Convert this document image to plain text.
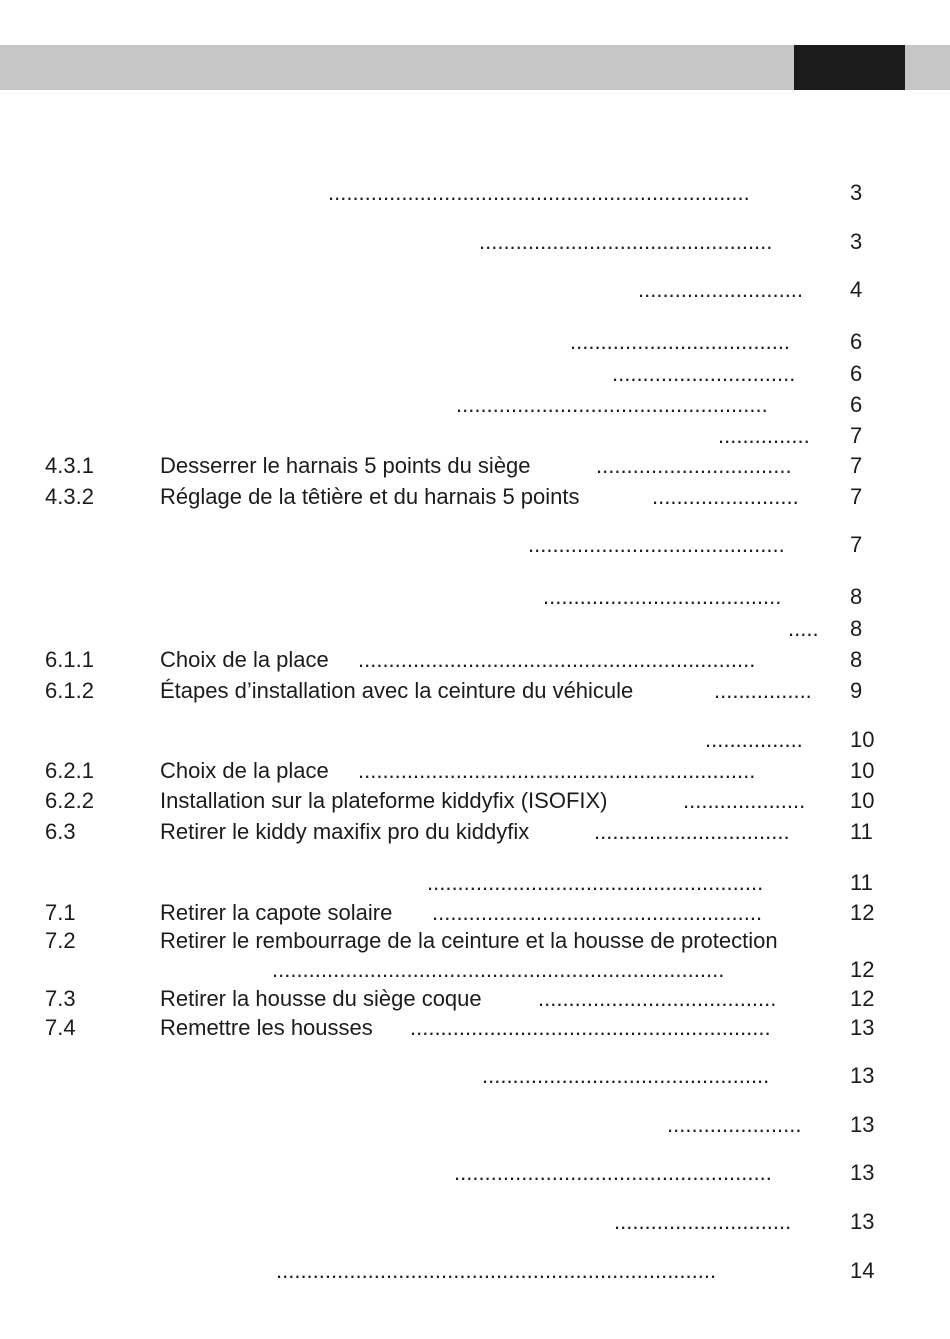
.....................................................................	3
................................................	3
........................... 4
....................................	6
.............................. 6
...................................................	6
............... 7
4.3.1	Desserrer le harnais 5 points du siège	................................	7
4.3.2	Réglage de la têtière et du harnais 5 points	........................ 7
..........................................	7
.......................................	8
..... 8
6.1.1	Choix de la place .................................................................	8
6.1.2	Étapes d’installation avec la ceinture du véhicule	................ 9
................ 10
6.2.1	Choix de la place .................................................................	10
6.2.2	Installation sur la plateforme kiddyfix (ISOFIX)	.................... 10
6.3	Retirer le kiddy maxifix pro du kiddyfix	................................	11
.......................................................	11
7.1	Retirer la capote solaire ......................................................	12
7.2	Retirer le rembourrage de la ceinture et la housse de protection
..........................................................................	12
7.3	Retirer la housse du siège coque	.......................................	12
7.4	Remettre les housses ...........................................................	13
...............................................	13
...................... 13
....................................................	13
.............................	13
........................................................................	14
